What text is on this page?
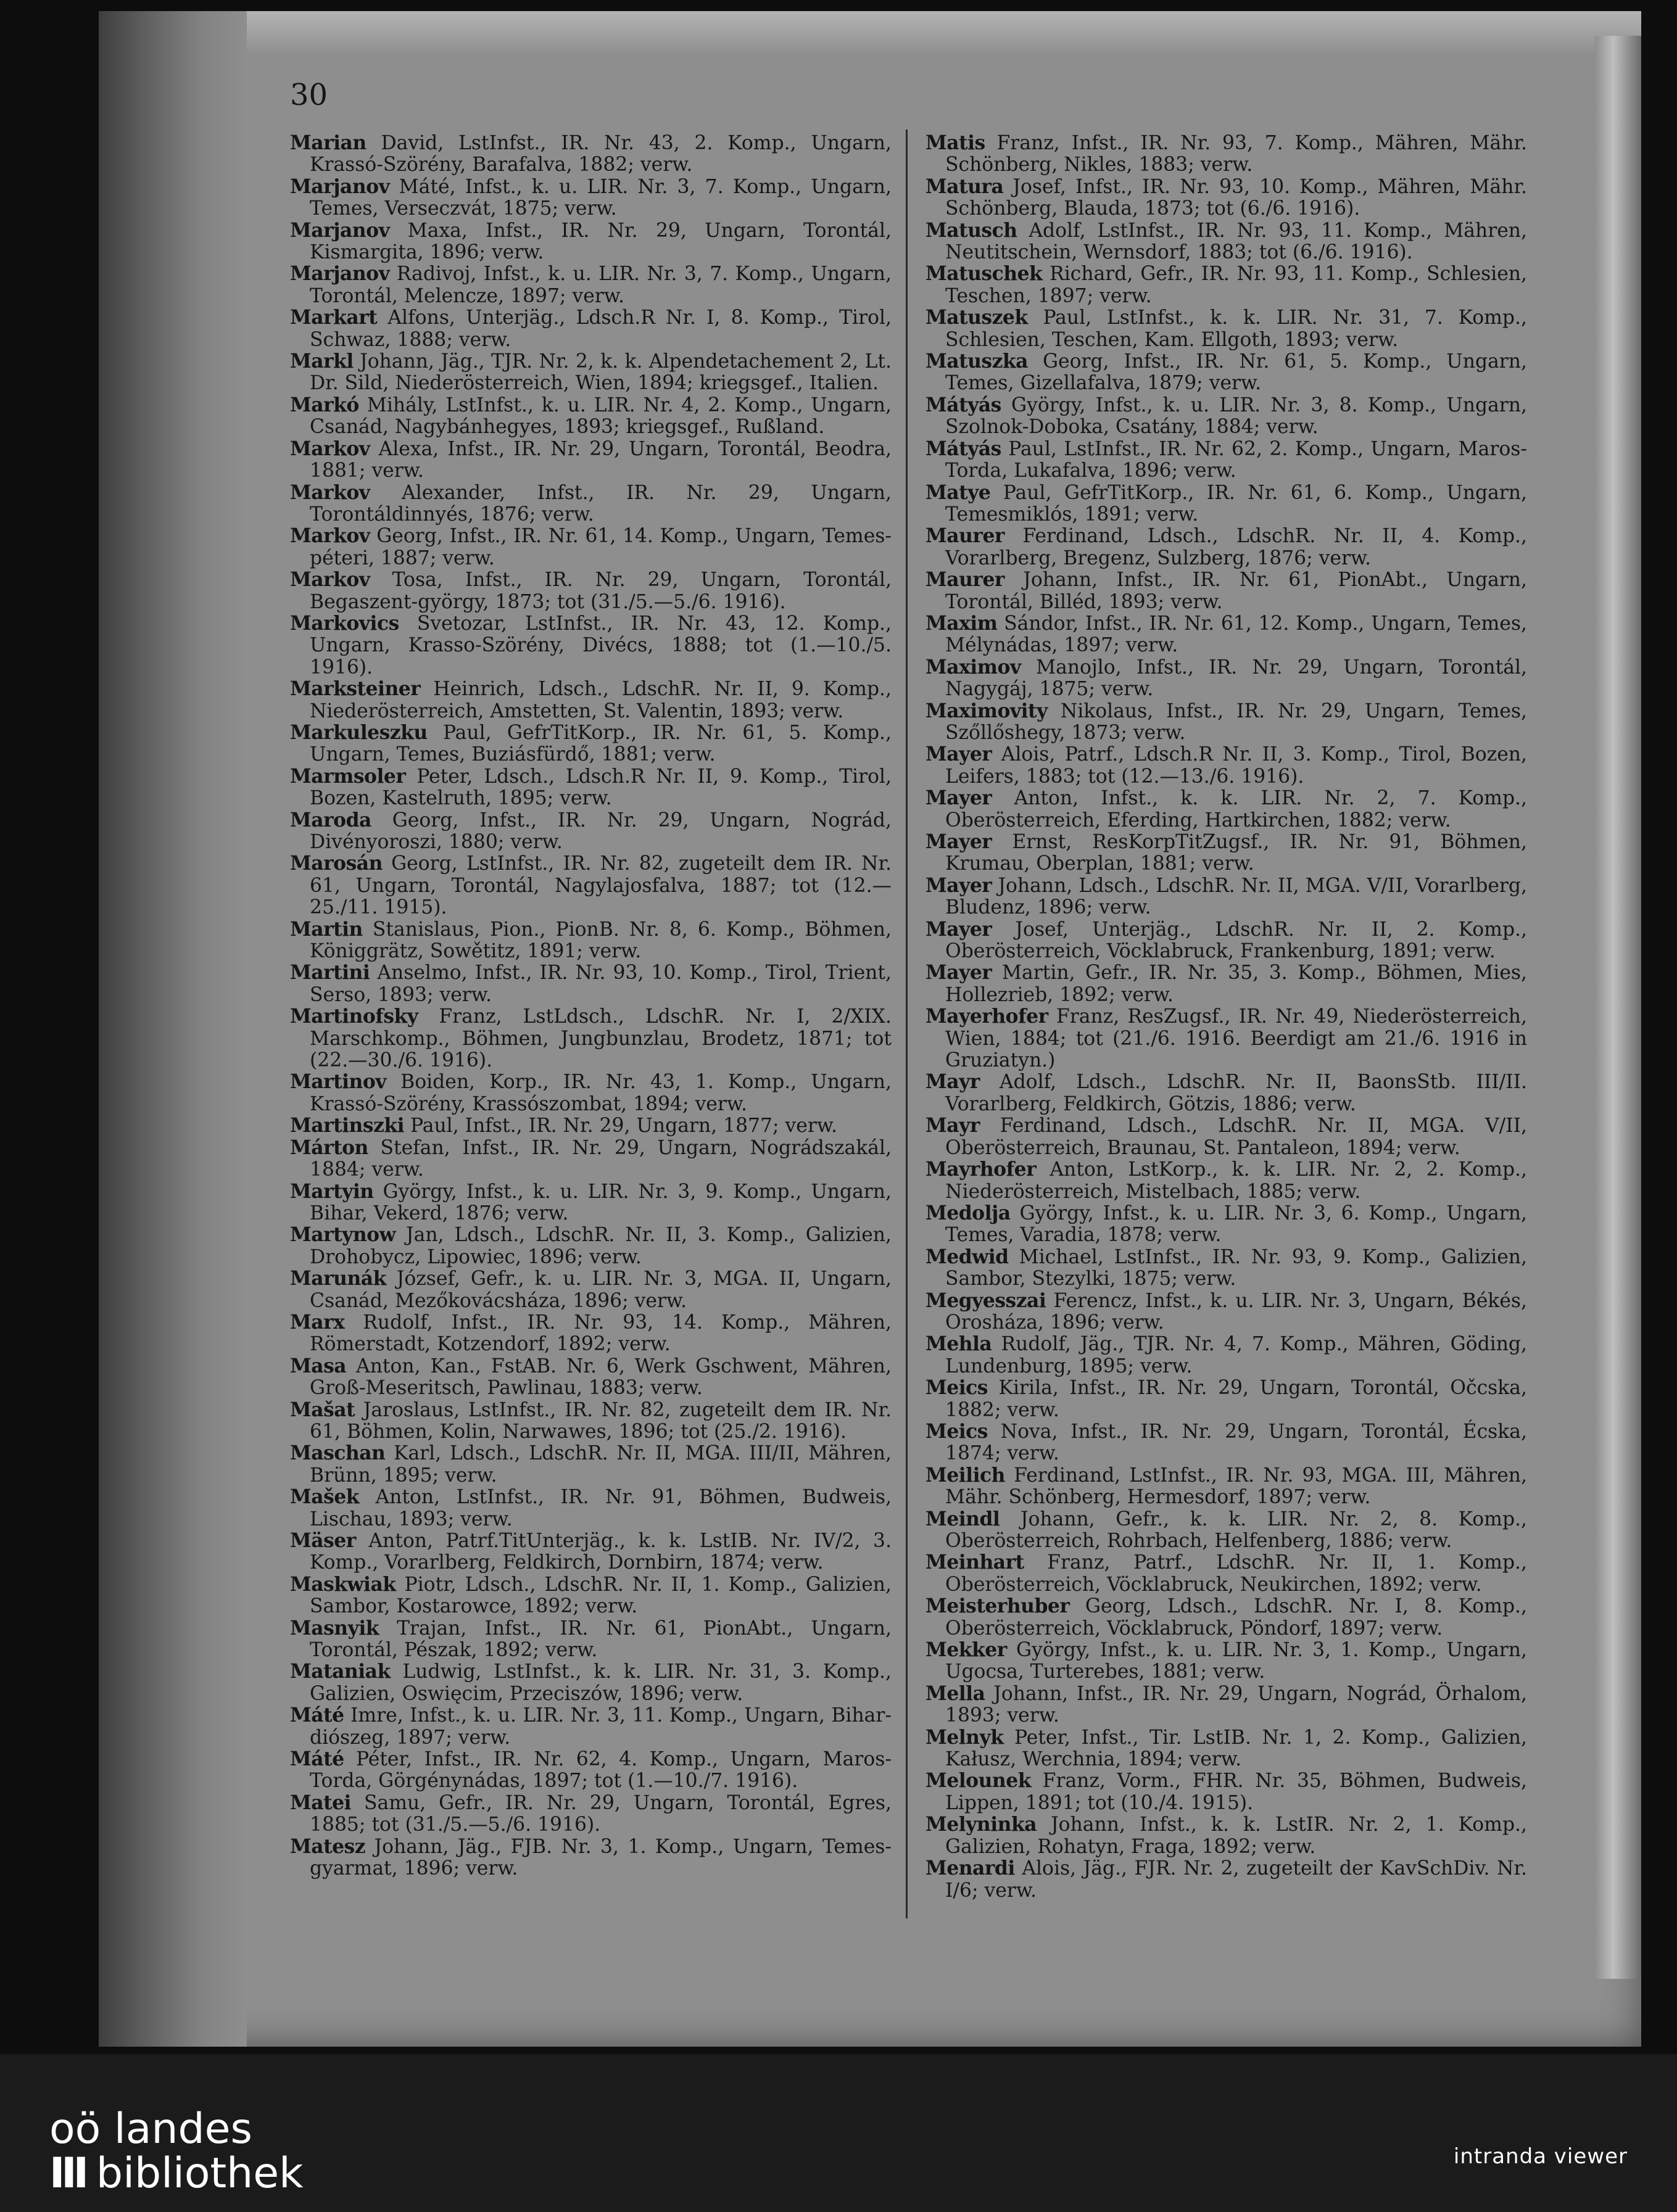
30

Marian David, LstInfst., IR. Nr. 43, 2. Komp., Ungarn, Krassó-Szörény, Barafalva, 1882; verw.

Marjanov Máté, Infst., k. u. LIR. Nr. 3, 7. Komp., Ungarn, Temes, Verseczvát, 1875; verw.

Marjanov Maxa, Infst., IR. Nr. 29, Ungarn, Torontál, Kismargita, 1896; verw.

Marjanov Radivoj, Infst., k. u. LIR. Nr. 3, 7. Komp., Ungarn, Torontál, Melencze, 1897; verw.

Markart Alfons, Unterjäg., Ldsch.R Nr. I, 8. Komp., Tirol, Schwaz, 1888; verw.

Markl Johann, Jäg., TJR. Nr. 2, k. k. Alpendetachement 2, Lt. Dr. Sild, Niederösterreich, Wien, 1894; kriegsgef., Italien.

Markó Mihály, LstInfst., k. u. LIR. Nr. 4, 2. Komp., Ungarn, Csanád, Nagybánhegyes, 1893; kriegsgef., Rußland.

Markov Alexa, Infst., IR. Nr. 29, Ungarn, Torontál, Beodra, 1881; verw.

Markov Alexander, Infst., IR. Nr. 29, Ungarn, Torontáldinnyés, 1876; verw.

Markov Georg, Infst., IR. Nr. 61, 14. Komp., Ungarn, Temes-péteri, 1887; verw.

Markov Tosa, Infst., IR. Nr. 29, Ungarn, Torontál, Begaszent-györgy, 1873; tot (31./5.—5./6. 1916).

Markovics Svetozar, LstInfst., IR. Nr. 43, 12. Komp., Ungarn, Krasso-Szörény, Divécs, 1888; tot (1.—10./5. 1916).

Marksteiner Heinrich, Ldsch., LdschR. Nr. II, 9. Komp., Niederösterreich, Amstetten, St. Valentin, 1893; verw.

Markuleszku Paul, GefrTitKorp., IR. Nr. 61, 5. Komp., Ungarn, Temes, Buziásfürdő, 1881; verw.

Marmsoler Peter, Ldsch., Ldsch.R Nr. II, 9. Komp., Tirol, Bozen, Kastelruth, 1895; verw.

Maroda Georg, Infst., IR. Nr. 29, Ungarn, Nográd, Divényoroszi, 1880; verw.

Marosán Georg, LstInfst., IR. Nr. 82, zugeteilt dem IR. Nr. 61, Ungarn, Torontál, Nagylajosfalva, 1887; tot (12.—25./11. 1915).

Martin Stanislaus, Pion., PionB. Nr. 8, 6. Komp., Böhmen, Königgrätz, Sowětitz, 1891; verw.

Martini Anselmo, Infst., IR. Nr. 93, 10. Komp., Tirol, Trient, Serso, 1893; verw.

Martinofsky Franz, LstLdsch., LdschR. Nr. I, 2/XIX. Marschkomp., Böhmen, Jungbunzlau, Brodetz, 1871; tot (22.—30./6. 1916).

Martinov Boiden, Korp., IR. Nr. 43, 1. Komp., Ungarn, Krassó-Szörény, Krassószombat, 1894; verw.

Martinszki Paul, Infst., IR. Nr. 29, Ungarn, 1877; verw.

Márton Stefan, Infst., IR. Nr. 29, Ungarn, Nográdszakál, 1884; verw.

Martyin György, Infst., k. u. LIR. Nr. 3, 9. Komp., Ungarn, Bihar, Vekerd, 1876; verw.

Martynow Jan, Ldsch., LdschR. Nr. II, 3. Komp., Galizien, Drohobycz, Lipowiec, 1896; verw.

Marunák József, Gefr., k. u. LIR. Nr. 3, MGA. II, Ungarn, Csanád, Mezőkovácsháza, 1896; verw.

Marx Rudolf, Infst., IR. Nr. 93, 14. Komp., Mähren, Römerstadt, Kotzendorf, 1892; verw.

Masa Anton, Kan., FstAB. Nr. 6, Werk Gschwent, Mähren, Groß-Meseritsch, Pawlinau, 1883; verw.

Mašat Jaroslaus, LstInfst., IR. Nr. 82, zugeteilt dem IR. Nr. 61, Böhmen, Kolin, Narwawes, 1896; tot (25./2. 1916).

Maschan Karl, Ldsch., LdschR. Nr. II, MGA. III/II, Mähren, Brünn, 1895; verw.

Mašek Anton, LstInfst., IR. Nr. 91, Böhmen, Budweis, Lischau, 1893; verw.

Mäser Anton, Patrf.TitUnterjäg., k. k. LstIB. Nr. IV/2, 3. Komp., Vorarlberg, Feldkirch, Dornbirn, 1874; verw.

Maskwiak Piotr, Ldsch., LdschR. Nr. II, 1. Komp., Galizien, Sambor, Kostarowce, 1892; verw.

Masnyik Trajan, Infst., IR. Nr. 61, PionAbt., Ungarn, Torontál, Pészak, 1892; verw.

Mataniak Ludwig, LstInfst., k. k. LIR. Nr. 31, 3. Komp., Galizien, Oswięcim, Przeciszów, 1896; verw.

Máté Imre, Infst., k. u. LIR. Nr. 3, 11. Komp., Ungarn, Bihar-diószeg, 1897; verw.

Máté Péter, Infst., IR. Nr. 62, 4. Komp., Ungarn, Maros-Torda, Görgénynádas, 1897; tot (1.—10./7. 1916).

Matei Samu, Gefr., IR. Nr. 29, Ungarn, Torontál, Egres, 1885; tot (31./5.—5./6. 1916).

Matesz Johann, Jäg., FJB. Nr. 3, 1. Komp., Ungarn, Temes-gyarmat, 1896; verw.

Matis Franz, Infst., IR. Nr. 93, 7. Komp., Mähren, Mähr. Schönberg, Nikles, 1883; verw.

Matura Josef, Infst., IR. Nr. 93, 10. Komp., Mähren, Mähr. Schönberg, Blauda, 1873; tot (6./6. 1916).

Matusch Adolf, LstInfst., IR. Nr. 93, 11. Komp., Mähren, Neutitschein, Wernsdorf, 1883; tot (6./6. 1916).

Matuschek Richard, Gefr., IR. Nr. 93, 11. Komp., Schlesien, Teschen, 1897; verw.

Matuszek Paul, LstInfst., k. k. LIR. Nr. 31, 7. Komp., Schlesien, Teschen, Kam. Ellgoth, 1893; verw.

Matuszka Georg, Infst., IR. Nr. 61, 5. Komp., Ungarn, Temes, Gizellafalva, 1879; verw.

Mátyás György, Infst., k. u. LIR. Nr. 3, 8. Komp., Ungarn, Szolnok-Doboka, Csatány, 1884; verw.

Mátyás Paul, LstInfst., IR. Nr. 62, 2. Komp., Ungarn, Maros-Torda, Lukafalva, 1896; verw.

Matye Paul, GefrTitKorp., IR. Nr. 61, 6. Komp., Ungarn, Temesmiklós, 1891; verw.

Maurer Ferdinand, Ldsch., LdschR. Nr. II, 4. Komp., Vorarlberg, Bregenz, Sulzberg, 1876; verw.

Maurer Johann, Infst., IR. Nr. 61, PionAbt., Ungarn, Torontál, Billéd, 1893; verw.

Maxim Sándor, Infst., IR. Nr. 61, 12. Komp., Ungarn, Temes, Mélynádas, 1897; verw.

Maximov Manojlo, Infst., IR. Nr. 29, Ungarn, Torontál, Nagygáj, 1875; verw.

Maximovity Nikolaus, Infst., IR. Nr. 29, Ungarn, Temes, Szőllőshegy, 1873; verw.

Mayer Alois, Patrf., Ldsch.R Nr. II, 3. Komp., Tirol, Bozen, Leifers, 1883; tot (12.—13./6. 1916).

Mayer Anton, Infst., k. k. LIR. Nr. 2, 7. Komp., Oberösterreich, Eferding, Hartkirchen, 1882; verw.

Mayer Ernst, ResKorpTitZugsf., IR. Nr. 91, Böhmen, Krumau, Oberplan, 1881; verw.

Mayer Johann, Ldsch., LdschR. Nr. II, MGA. V/II, Vorarlberg, Bludenz, 1896; verw.

Mayer Josef, Unterjäg., LdschR. Nr. II, 2. Komp., Oberösterreich, Vöcklabruck, Frankenburg, 1891; verw.

Mayer Martin, Gefr., IR. Nr. 35, 3. Komp., Böhmen, Mies, Hollezrieb, 1892; verw.

Mayerhofer Franz, ResZugsf., IR. Nr. 49, Niederösterreich, Wien, 1884; tot (21./6. 1916. Beerdigt am 21./6. 1916 in Gruziatyn.)

Mayr Adolf, Ldsch., LdschR. Nr. II, BaonsStb. III/II. Vorarlberg, Feldkirch, Götzis, 1886; verw.

Mayr Ferdinand, Ldsch., LdschR. Nr. II, MGA. V/II, Oberösterreich, Braunau, St. Pantaleon, 1894; verw.

Mayrhofer Anton, LstKorp., k. k. LIR. Nr. 2, 2. Komp., Niederösterreich, Mistelbach, 1885; verw.

Medolja György, Infst., k. u. LIR. Nr. 3, 6. Komp., Ungarn, Temes, Varadia, 1878; verw.

Medwid Michael, LstInfst., IR. Nr. 93, 9. Komp., Galizien, Sambor, Stezylki, 1875; verw.

Megyesszai Ferencz, Infst., k. u. LIR. Nr. 3, Ungarn, Békés, Orosháza, 1896; verw.

Mehla Rudolf, Jäg., TJR. Nr. 4, 7. Komp., Mähren, Göding, Lundenburg, 1895; verw.

Meics Kirila, Infst., IR. Nr. 29, Ungarn, Torontál, Očcska, 1882; verw.

Meics Nova, Infst., IR. Nr. 29, Ungarn, Torontál, Écska, 1874; verw.

Meilich Ferdinand, LstInfst., IR. Nr. 93, MGA. III, Mähren, Mähr. Schönberg, Hermesdorf, 1897; verw.

Meindl Johann, Gefr., k. k. LIR. Nr. 2, 8. Komp., Oberösterreich, Rohrbach, Helfenberg, 1886; verw.

Meinhart Franz, Patrf., LdschR. Nr. II, 1. Komp., Oberösterreich, Vöcklabruck, Neukirchen, 1892; verw.

Meisterhuber Georg, Ldsch., LdschR. Nr. I, 8. Komp., Oberösterreich, Vöcklabruck, Pöndorf, 1897; verw.

Mekker György, Infst., k. u. LIR. Nr. 3, 1. Komp., Ungarn, Ugocsa, Turterebes, 1881; verw.

Mella Johann, Infst., IR. Nr. 29, Ungarn, Nográd, Örhalom, 1893; verw.

Melnyk Peter, Infst., Tir. LstIB. Nr. 1, 2. Komp., Galizien, Kałusz, Werchnia, 1894; verw.

Melounek Franz, Vorm., FHR. Nr. 35, Böhmen, Budweis, Lippen, 1891; tot (10./4. 1915).

Melyninka Johann, Infst., k. k. LstIR. Nr. 2, 1. Komp., Galizien, Rohatyn, Fraga, 1892; verw.

Menardi Alois, Jäg., FJR. Nr. 2, zugeteilt der KavSchDiv. Nr. I/6; verw.

oö landes
III bibliothek	intranda viewer
